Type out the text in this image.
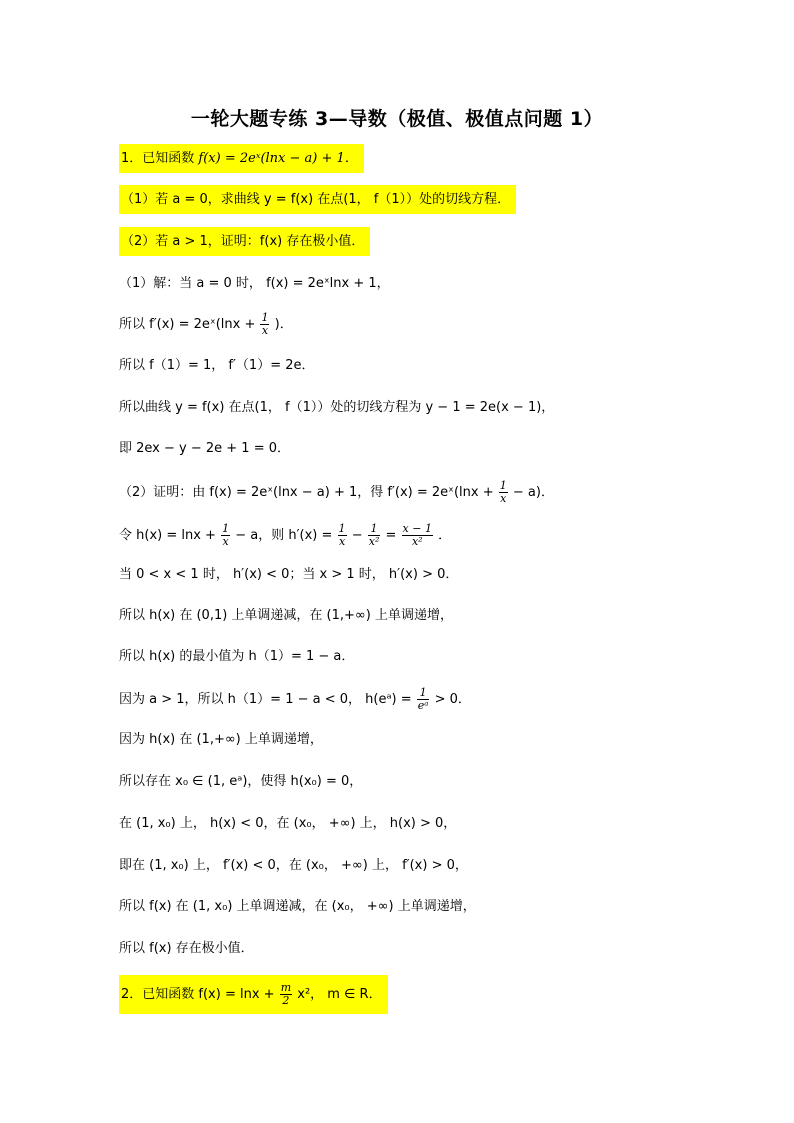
一轮大题专练 3—导数（极值、极值点问题 1）
1．已知函数 f(x) = 2eˣ(lnx − a) + 1．
（1）若 a = 0，求曲线 y = f(x) 在点(1， f（1））处的切线方程．
（2）若 a > 1，证明：f(x) 存在极小值．
（1）解：当 a = 0 时， f(x) = 2eˣlnx + 1，
所以 f′(x) = 2eˣ(lnx + $\frac{1}{x}$ )．
所以 f（1）= 1， f′（1）= 2e．
所以曲线 y = f(x) 在点(1， f（1））处的切线方程为 y − 1 = 2e(x − 1)，
即 2ex − y − 2e + 1 = 0．
（2）证明：由 f(x) = 2eˣ(lnx − a) + 1，得 f′(x) = 2eˣ(lnx + $\frac{1}{x} - a$)．
令 $h(x) = \ln x + \frac{1}{x} - a$，则 $h'(x) = \frac{1}{x} - \frac{1}{\text{x²}} = \frac{x - 1}{\text{x²}}$ ．
当 0 < x < 1 时， h′(x) < 0；当 x > 1 时， h′(x) > 0．
所以 h(x) 在 (0,1) 上单调递减，在 (1,+∞) 上单调递增，
所以 h(x) 的最小值为 h（1）= 1 − a．
因为 a > 1，所以 h（1）= 1 − a < 0， h(eᵃ) = $\frac{1}{\text{eᵃ}} > 0$．
因为 h(x) 在 (1,+∞) 上单调递增，
所以存在 x₀ ∈ (1, eᵃ)，使得 h(x₀) = 0，
在 (1, x₀) 上， h(x) < 0，在 (x₀， +∞) 上， h(x) > 0，
即在 (1, x₀) 上， f′(x) < 0，在 (x₀， +∞) 上， f′(x) > 0，
所以 f(x) 在 (1, x₀) 上单调递减，在 (x₀， +∞) 上单调递增，
所以 f(x) 存在极小值．
2．已知函数 $f(x) = \ln x + \frac{m}{2} x^2$， m ∈ R．
